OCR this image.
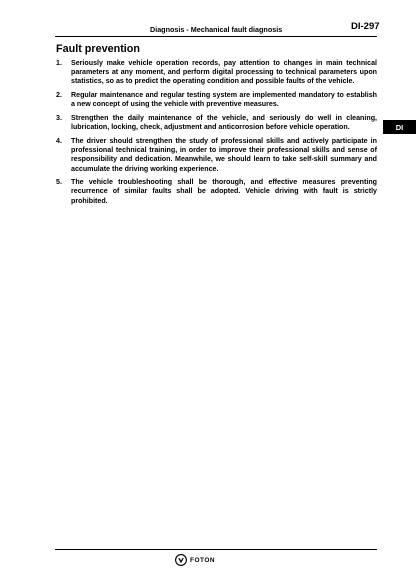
Diagnosis - Mechanical fault diagnosis	DI-297
Fault prevention
1.	Seriously make vehicle operation records, pay attention to changes in main technical parameters at any moment, and perform digital processing to technical parameters upon statistics, so as to predict the operating condition and possible faults of the vehicle.
2.	Regular maintenance and regular testing system are implemented mandatory to establish a new concept of using the vehicle with preventive measures.
3.	Strengthen the daily maintenance of the vehicle, and seriously do well in cleaning, lubrication, locking, check, adjustment and anticorrosion before vehicle operation.
4.	The driver should strengthen the study of professional skills and actively participate in professional technical training, in order to improve their professional skills and sense of responsibility and dedication. Meanwhile, we should learn to take self-skill summary and accumulate the driving working experience.
5.	The vehicle troubleshooting shall be thorough, and effective measures preventing recurrence of similar faults shall be adopted. Vehicle driving with fault is strictly prohibited.
DI
FOTON
